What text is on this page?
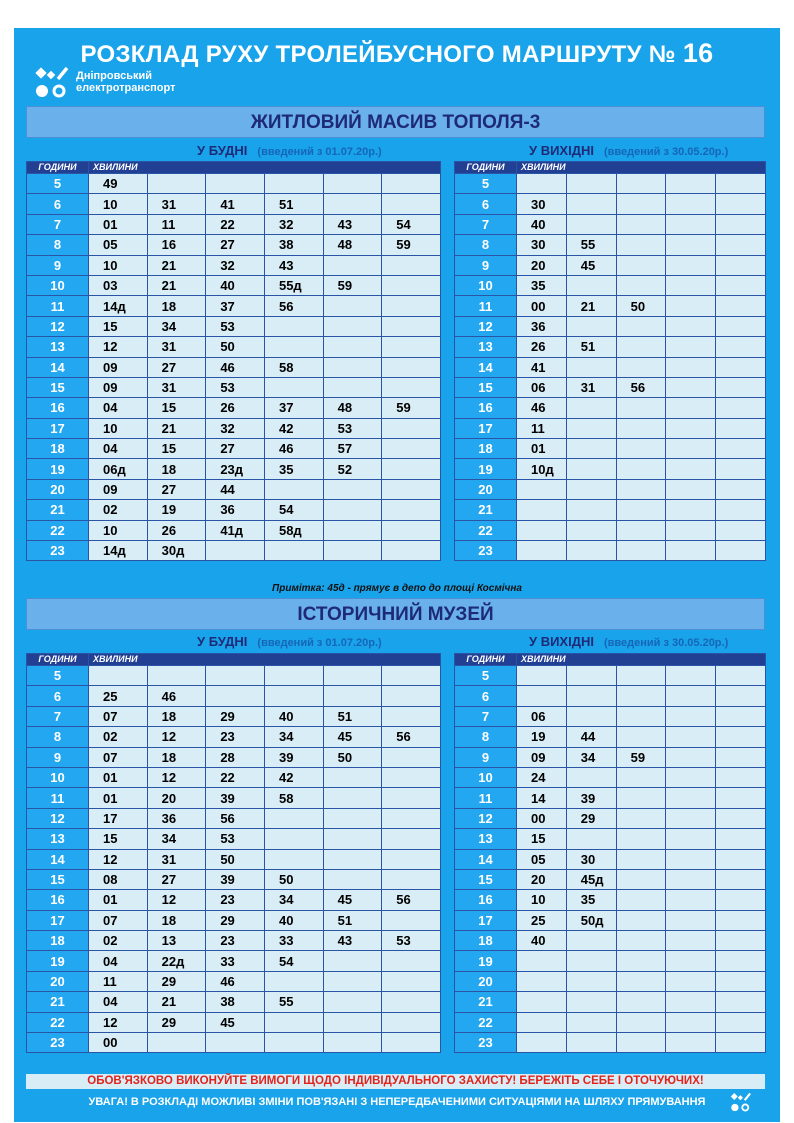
РОЗКЛАД РУХУ ТРОЛЕЙБУСНОГО МАРШРУТУ № 16
Дніпровський
електротранспорт
ЖИТЛОВИЙ МАСИВ ТОПОЛЯ-3
У БУДНІ (введений з 01.07.20р.)	У ВИХІДНІ (введений з 30.05.20р.)
ГОДИНИ	ХВИЛИНИ					
5	49					
6	10	31	41	51		
7	01	11	22	32	43	54
8	05	16	27	38	48	59
9	10	21	32	43		
10	03	21	40	55д	59	
11	14д	18	37	56		
12	15	34	53			
13	12	31	50			
14	09	27	46	58		
15	09	31	53			
16	04	15	26	37	48	59
17	10	21	32	42	53	
18	04	15	27	46	57	
19	06д	18	23д	35	52	
20	09	27	44			
21	02	19	36	54		
22	10	26	41д	58д		
23	14д	30д				
ГОДИНИ	ХВИЛИНИ				
5					
6	30				
7	40				
8	30	55			
9	20	45			
10	35				
11	00	21	50		
12	36				
13	26	51			
14	41				
15	06	31	56		
16	46				
17	11				
18	01				
19	10д				
20					
21					
22					
23					
Примітка: 45д - прямує в депо до площі Космічна
ІСТОРИЧНИЙ МУЗЕЙ
У БУДНІ (введений з 01.07.20р.)	У ВИХІДНІ (введений з 30.05.20р.)
ГОДИНИ	ХВИЛИНИ					
5						
6	25	46				
7	07	18	29	40	51	
8	02	12	23	34	45	56
9	07	18	28	39	50	
10	01	12	22	42		
11	01	20	39	58		
12	17	36	56			
13	15	34	53			
14	12	31	50			
15	08	27	39	50		
16	01	12	23	34	45	56
17	07	18	29	40	51	
18	02	13	23	33	43	53
19	04	22д	33	54		
20	11	29	46			
21	04	21	38	55		
22	12	29	45			
23	00					
ГОДИНИ	ХВИЛИНИ				
5					
6					
7	06				
8	19	44			
9	09	34	59		
10	24				
11	14	39			
12	00	29			
13	15				
14	05	30			
15	20	45д			
16	10	35			
17	25	50д			
18	40				
19					
20					
21					
22					
23					
ОБОВ'ЯЗКОВО ВИКОНУЙТЕ ВИМОГИ ЩОДО ІНДИВІДУАЛЬНОГО ЗАХИСТУ! БЕРЕЖІТЬ СЕБЕ І ОТОЧУЮЧИХ!
УВАГА! В РОЗКЛАДІ МОЖЛИВІ ЗМІНИ ПОВ'ЯЗАНІ З НЕПЕРЕДБАЧЕНИМИ СИТУАЦІЯМИ НА ШЛЯХУ ПРЯМУВАННЯ
